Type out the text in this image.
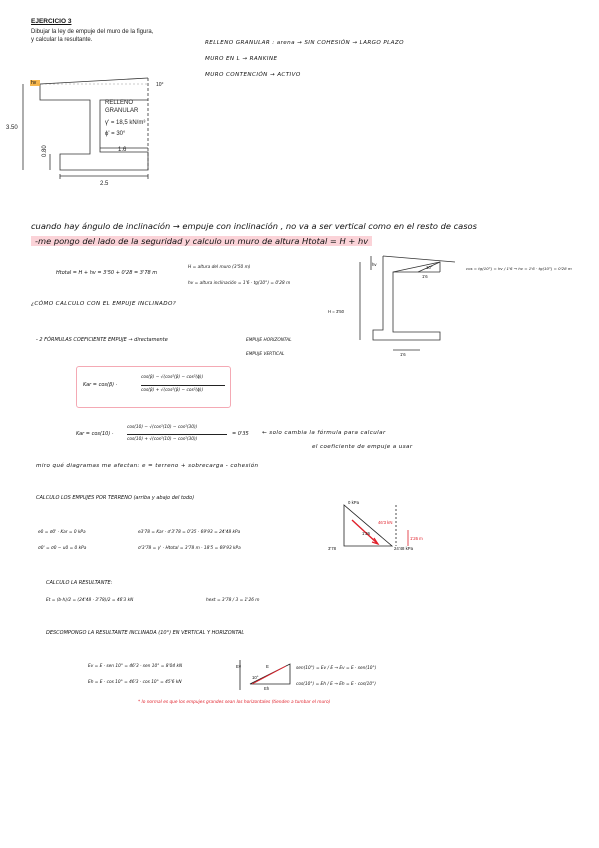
EJERCICIO 3
Dibujar la ley de empuje del muro de la figura,
y calcular la resultante.
hv	10°
RELLENO
GRANULAR
γ' = 18,5 kN/m³
ϕ' = 30°
1.6
3.50
0.80
2.5
RELLENO GRANULAR : arena → SIN COHESIÓN → LARGO PLAZO
MURO EN L → RANKINE
MURO CONTENCIÓN → ACTIVO
cuando hay ángulo de inclinación → empuje con inclinación , no va a ser vertical como en el resto de casos
-me pongo del lado de la seguridad y calculo un muro de altura Htotal = H + hv
Htotal = H + hv = 3'50 + 0'28 = 3'78 m
H = altura del muro (3'50 m)
hv = altura inclinación = 1'6 · tg(10°) = 0'28 m
hv
10°
1'6
H = 3'50
1'6
cos = tg(10°) = hv / 1'6 → hv = 1'6 · tg(10°) = 0'28 m
¿CÓMO CALCULO CON EL EMPUJE INCLINADO?
- 2 FÓRMULAS COEFICIENTE EMPUJE → directamente	EMPUJE HORIZONTAL
EMPUJE VERTICAL
Kar = cos(β) ·
cos(β) − √(cos²(β) − cos²(ϕ))
cos(β) + √(cos²(β) − cos²(ϕ))
Kar = cos(10) ·
cos(10) − √(cos²(10) − cos²(30))
cos(10) + √(cos²(10) − cos²(30))
= 0'35 ← solo cambia la fórmula para calcular
el coeficiente de empuje a usar
miro qué diagramas me afectan: e = terreno + sobrecarga - cohesión
CALCULO LOS EMPUJES POR TERRENO (arriba y abajo del todo)
e0 = σ0' · Kar = 0 kPa
σ0' = σ0 − u0 = 0 kPa
e3'78 = Kar · σ'3'78 = 0'35 · 69'93 = 24'48 kPa
σ'3'78 = γ' · Htotal = 3'78 m · 18'5 = 69'93 kPa
0 kPa
1'26
3'78	24'48 kPa
1'26 m
46'3 kN
CALCULO LA RESULTANTE:
Et = (b·h)/2 = (24'48 · 3'78)/2 = 46'3 kN	hext = 3'78 / 3 = 1'26 m
DESCOMPONGO LA RESULTANTE INCLINADA (10°) EN VERTICAL Y HORIZONTAL
Ev = E · sen 10° = 46'3 · sen 10° = 8'04 kN
Eh = E · cos 10° = 46'3 · cos 10° = 45'6 kN
E
Ev
Eh
10°
sen(10°) = Ev / E → Ev = E · sen(10°)
cos(10°) = Eh / E → Eh = E · cos(10°)
* lo normal es que los empujes grandes sean los horizontales (tienden a tumbar el muro)
